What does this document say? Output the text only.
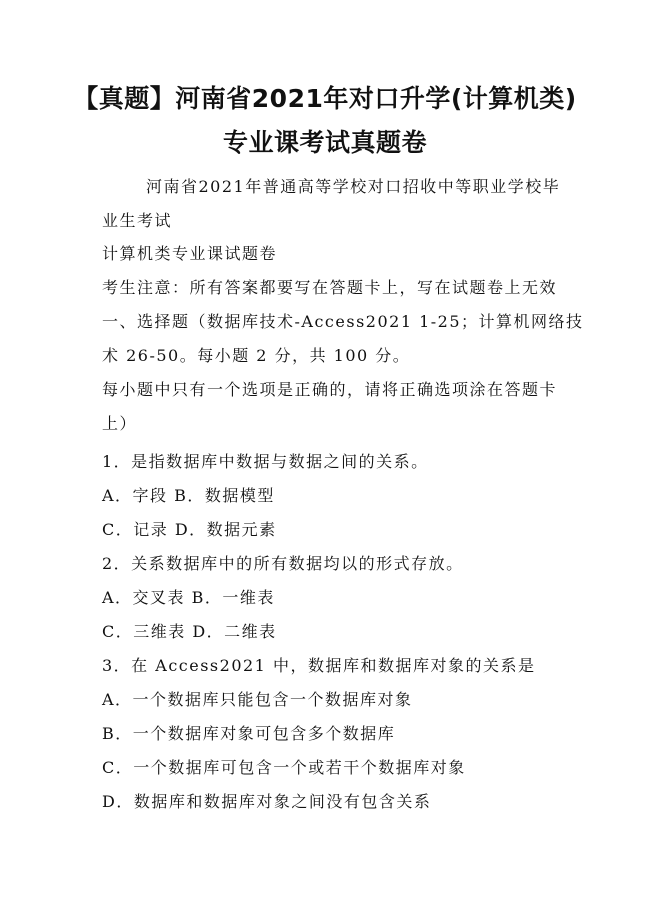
【真题】河南省2021年对口升学(计算机类)
专业课考试真题卷
河南省2021年普通高等学校对口招收中等职业学校毕
业生考试
计算机类专业课试题卷
考生注意：所有答案都要写在答题卡上，写在试题卷上无效
一、选择题（数据库技术-Access2021 1-25；计算机网络技
术 26-50。每小题 2 分，共 100 分。
每小题中只有一个选项是正确的，请将正确选项涂在答题卡
上）
1．是指数据库中数据与数据之间的关系。
A．字段 B．数据模型
C．记录 D．数据元素
2．关系数据库中的所有数据均以的形式存放。
A．交叉表 B．一维表
C．三维表 D．二维表
3．在 Access2021 中，数据库和数据库对象的关系是
A．一个数据库只能包含一个数据库对象
B．一个数据库对象可包含多个数据库
C．一个数据库可包含一个或若干个数据库对象
D．数据库和数据库对象之间没有包含关系
